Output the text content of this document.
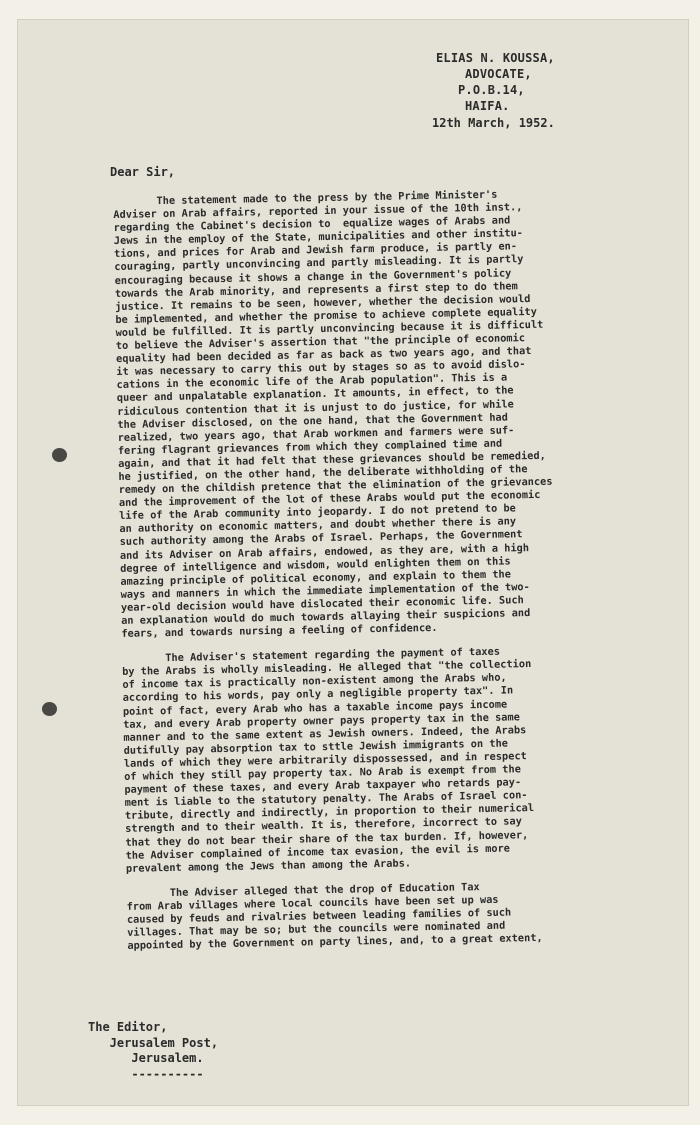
ELIAS N. KOUSSA,
ADVOCATE,
P.O.B.14,
HAIFA.
12th March, 1952.
Dear Sir,
The statement made to the press by the Prime Minister's
Adviser on Arab affairs, reported in your issue of the 10th inst.,
regarding the Cabinet's decision to  equalize wages of Arabs and
Jews in the employ of the State, municipalities and other institu-
tions, and prices for Arab and Jewish farm produce, is partly en-
couraging, partly unconvincing and partly misleading. It is partly
encouraging because it shows a change in the Government's policy
towards the Arab minority, and represents a first step to do them
justice. It remains to be seen, however, whether the decision would
be implemented, and whether the promise to achieve complete equality
would be fulfilled. It is partly unconvincing because it is difficult
to believe the Adviser's assertion that "the principle of economic
equality had been decided as far as back as two years ago, and that
it was necessary to carry this out by stages so as to avoid dislo-
cations in the economic life of the Arab population". This is a
queer and unpalatable explanation. It amounts, in effect, to the
ridiculous contention that it is unjust to do justice, for while
the Adviser disclosed, on the one hand, that the Government had
realized, two years ago, that Arab workmen and farmers were suf-
fering flagrant grievances from which they complained time and
again, and that it had felt that these grievances should be remedied,
he justified, on the other hand, the deliberate withholding of the
remedy on the childish pretence that the elimination of the grievances
and the improvement of the lot of these Arabs would put the economic
life of the Arab community into jeopardy. I do not pretend to be
an authority on economic matters, and doubt whether there is any
such authority among the Arabs of Israel. Perhaps, the Government
and its Adviser on Arab affairs, endowed, as they are, with a high
degree of intelligence and wisdom, would enlighten them on this
amazing principle of political economy, and explain to them the
ways and manners in which the immediate implementation of the two-
year-old decision would have dislocated their economic life. Such
an explanation would do much towards allaying their suspicions and
fears, and towards nursing a feeling of confidence.
The Adviser's statement regarding the payment of taxes
by the Arabs is wholly misleading. He alleged that "the collection
of income tax is practically non-existent among the Arabs who,
according to his words, pay only a negligible property tax". In
point of fact, every Arab who has a taxable income pays income
tax, and every Arab property owner pays property tax in the same
manner and to the same extent as Jewish owners. Indeed, the Arabs
dutifully pay absorption tax to sttle Jewish immigrants on the
lands of which they were arbitrarily dispossessed, and in respect
of which they still pay property tax. No Arab is exempt from the
payment of these taxes, and every Arab taxpayer who retards pay-
ment is liable to the statutory penalty. The Arabs of Israel con-
tribute, directly and indirectly, in proportion to their numerical
strength and to their wealth. It is, therefore, incorrect to say
that they do not bear their share of the tax burden. If, however,
the Adviser complained of income tax evasion, the evil is more
prevalent among the Jews than among the Arabs.
The Adviser alleged that the drop of Education Tax
from Arab villages where local councils have been set up was
caused by feuds and rivalries between leading families of such
villages. That may be so; but the councils were nominated and
appointed by the Government on party lines, and, to a great extent,
The Editor,
Jerusalem Post,
Jerusalem.
----------
